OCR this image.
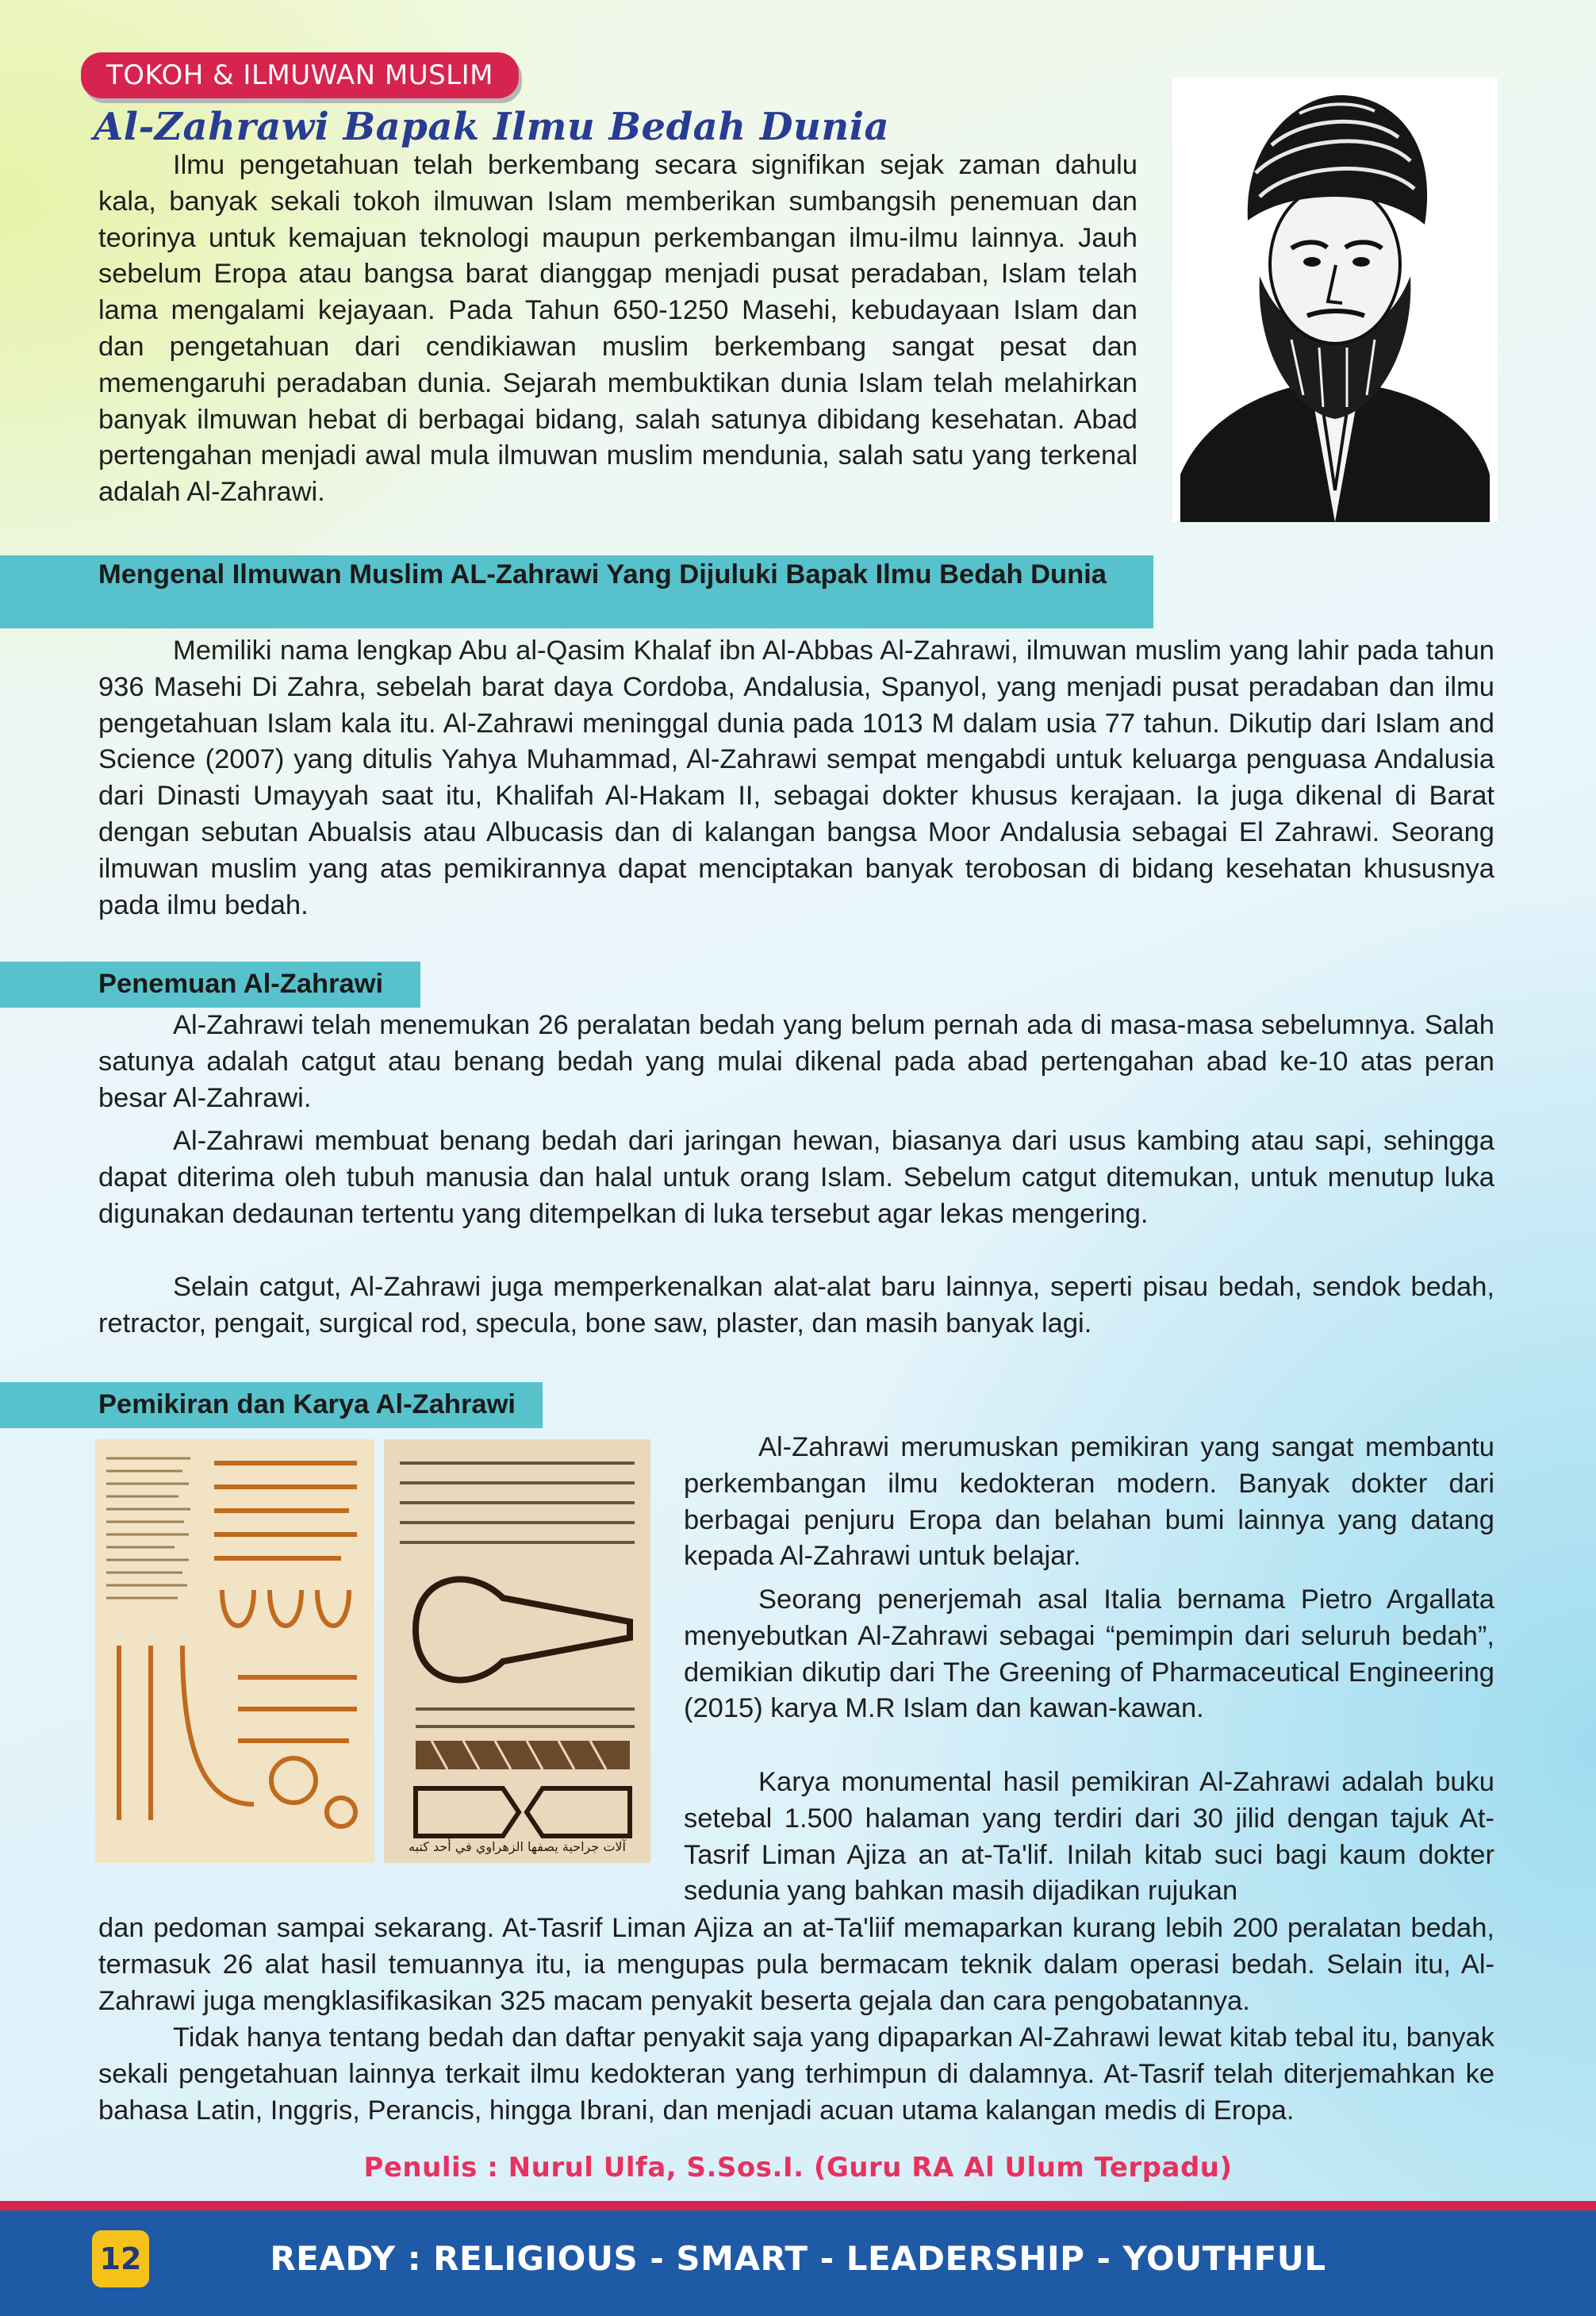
TOKOH & ILMUWAN MUSLIM
Al-Zahrawi Bapak Ilmu Bedah Dunia

Ilmu pengetahuan telah berkembang secara signifikan sejak zaman dahulu kala, banyak sekali tokoh ilmuwan Islam memberikan sumbangsih penemuan dan teorinya untuk kemajuan teknologi maupun perkembangan ilmu-ilmu lainnya. Jauh sebelum Eropa atau bangsa barat dianggap menjadi pusat peradaban, Islam telah lama mengalami kejayaan. Pada Tahun 650-1250 Masehi, kebudayaan Islam dan dan pengetahuan dari cendikiawan muslim berkembang sangat pesat dan memengaruhi peradaban dunia. Sejarah membuktikan dunia Islam telah melahirkan banyak ilmuwan hebat di berbagai bidang, salah satunya dibidang kesehatan. Abad pertengahan menjadi awal mula ilmuwan muslim mendunia, salah satu yang terkenal adalah Al-Zahrawi.

Mengenal Ilmuwan Muslim AL-Zahrawi Yang Dijuluki Bapak Ilmu Bedah Dunia

Memiliki nama lengkap Abu al-Qasim Khalaf ibn Al-Abbas Al-Zahrawi, ilmuwan muslim yang lahir pada tahun 936 Masehi Di Zahra, sebelah barat daya Cordoba, Andalusia, Spanyol, yang menjadi pusat peradaban dan ilmu pengetahuan Islam kala itu. Al-Zahrawi meninggal dunia pada 1013 M dalam usia 77 tahun. Dikutip dari Islam and Science (2007) yang ditulis Yahya Muhammad, Al-Zahrawi sempat mengabdi untuk keluarga penguasa Andalusia dari Dinasti Umayyah saat itu, Khalifah Al-Hakam II, sebagai dokter khusus kerajaan. Ia juga dikenal di Barat dengan sebutan Abualsis atau Albucasis dan di kalangan bangsa Moor Andalusia sebagai El Zahrawi. Seorang ilmuwan muslim yang atas pemikirannya dapat menciptakan banyak terobosan di bidang kesehatan khususnya pada ilmu bedah.

Penemuan Al-Zahrawi

Al-Zahrawi telah menemukan 26 peralatan bedah yang belum pernah ada di masa-masa sebelumnya. Salah satunya adalah catgut atau benang bedah yang mulai dikenal pada abad pertengahan abad ke-10 atas peran besar Al-Zahrawi.

Al-Zahrawi membuat benang bedah dari jaringan hewan, biasanya dari usus kambing atau sapi, sehingga dapat diterima oleh tubuh manusia dan halal untuk orang Islam. Sebelum catgut ditemukan, untuk menutup luka digunakan dedaunan tertentu yang ditempelkan di luka tersebut agar lekas mengering.

Selain catgut, Al-Zahrawi juga memperkenalkan alat-alat baru lainnya, seperti pisau bedah, sendok bedah, retractor, pengait, surgical rod, specula, bone saw, plaster, dan masih banyak lagi.

Pemikiran dan Karya Al-Zahrawi

آلات جراحية يصفها الزهراوي في أحد كتبه

Al-Zahrawi merumuskan pemikiran yang sangat membantu perkembangan ilmu kedokteran modern. Banyak dokter dari berbagai penjuru Eropa dan belahan bumi lainnya yang datang kepada Al-Zahrawi untuk belajar.

Seorang penerjemah asal Italia bernama Pietro Argallata menyebutkan Al-Zahrawi sebagai “pemimpin dari seluruh bedah”, demikian dikutip dari The Greening of Pharmaceutical Engineering (2015) karya M.R Islam dan kawan-kawan.

Karya monumental hasil pemikiran Al-Zahrawi adalah buku setebal 1.500 halaman yang terdiri dari 30 jilid dengan tajuk At-Tasrif Liman Ajiza an at-Ta'lif. Inilah kitab suci bagi kaum dokter sedunia yang bahkan masih dijadikan rujukan

dan pedoman sampai sekarang. At-Tasrif Liman Ajiza an at-Ta'liif memaparkan kurang lebih 200 peralatan bedah, termasuk 26 alat hasil temuannya itu, ia mengupas pula bermacam teknik dalam operasi bedah. Selain itu, Al-Zahrawi juga mengklasifikasikan 325 macam penyakit beserta gejala dan cara pengobatannya.

Tidak hanya tentang bedah dan daftar penyakit saja yang dipaparkan Al-Zahrawi lewat kitab tebal itu, banyak sekali pengetahuan lainnya terkait ilmu kedokteran yang terhimpun di dalamnya. At-Tasrif telah diterjemahkan ke bahasa Latin, Inggris, Perancis, hingga Ibrani, dan menjadi acuan utama kalangan medis di Eropa.

Penulis : Nurul Ulfa, S.Sos.I. (Guru RA Al Ulum Terpadu)

12	READY : RELIGIOUS - SMART - LEADERSHIP - YOUTHFUL
